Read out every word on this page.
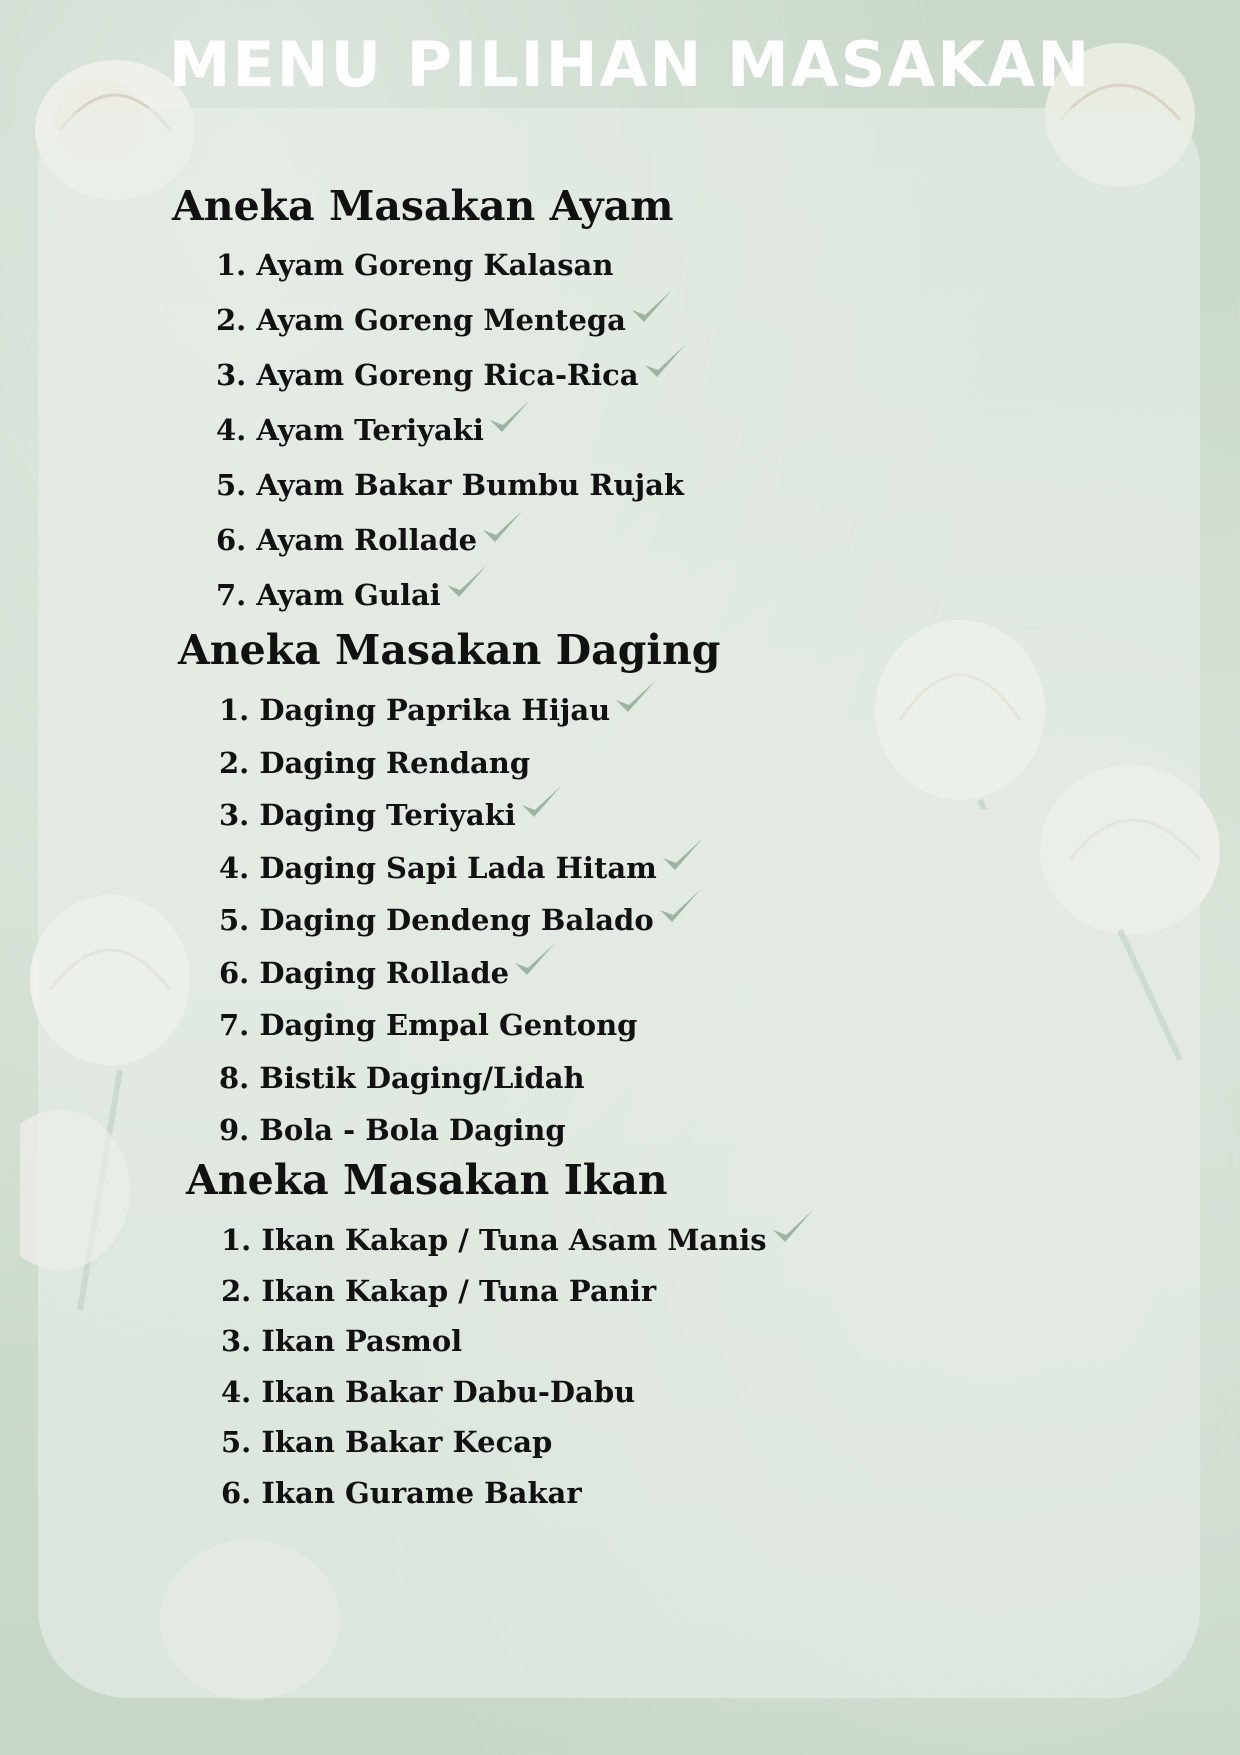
MENU PILIHAN MASAKAN
Aneka Masakan Ayam
1. Ayam Goreng Kalasan
2. Ayam Goreng Mentega
3. Ayam Goreng Rica-Rica
4. Ayam Teriyaki
5. Ayam Bakar Bumbu Rujak
6. Ayam Rollade
7. Ayam Gulai
Aneka Masakan Daging
1. Daging Paprika Hijau
2. Daging Rendang
3. Daging Teriyaki
4. Daging Sapi Lada Hitam
5. Daging Dendeng Balado
6. Daging Rollade
7. Daging Empal Gentong
8. Bistik Daging/Lidah
9. Bola - Bola Daging
Aneka Masakan Ikan
1. Ikan Kakap / Tuna Asam Manis
2. Ikan Kakap / Tuna Panir
3. Ikan Pasmol
4. Ikan Bakar Dabu-Dabu
5. Ikan Bakar Kecap
6. Ikan Gurame Bakar
